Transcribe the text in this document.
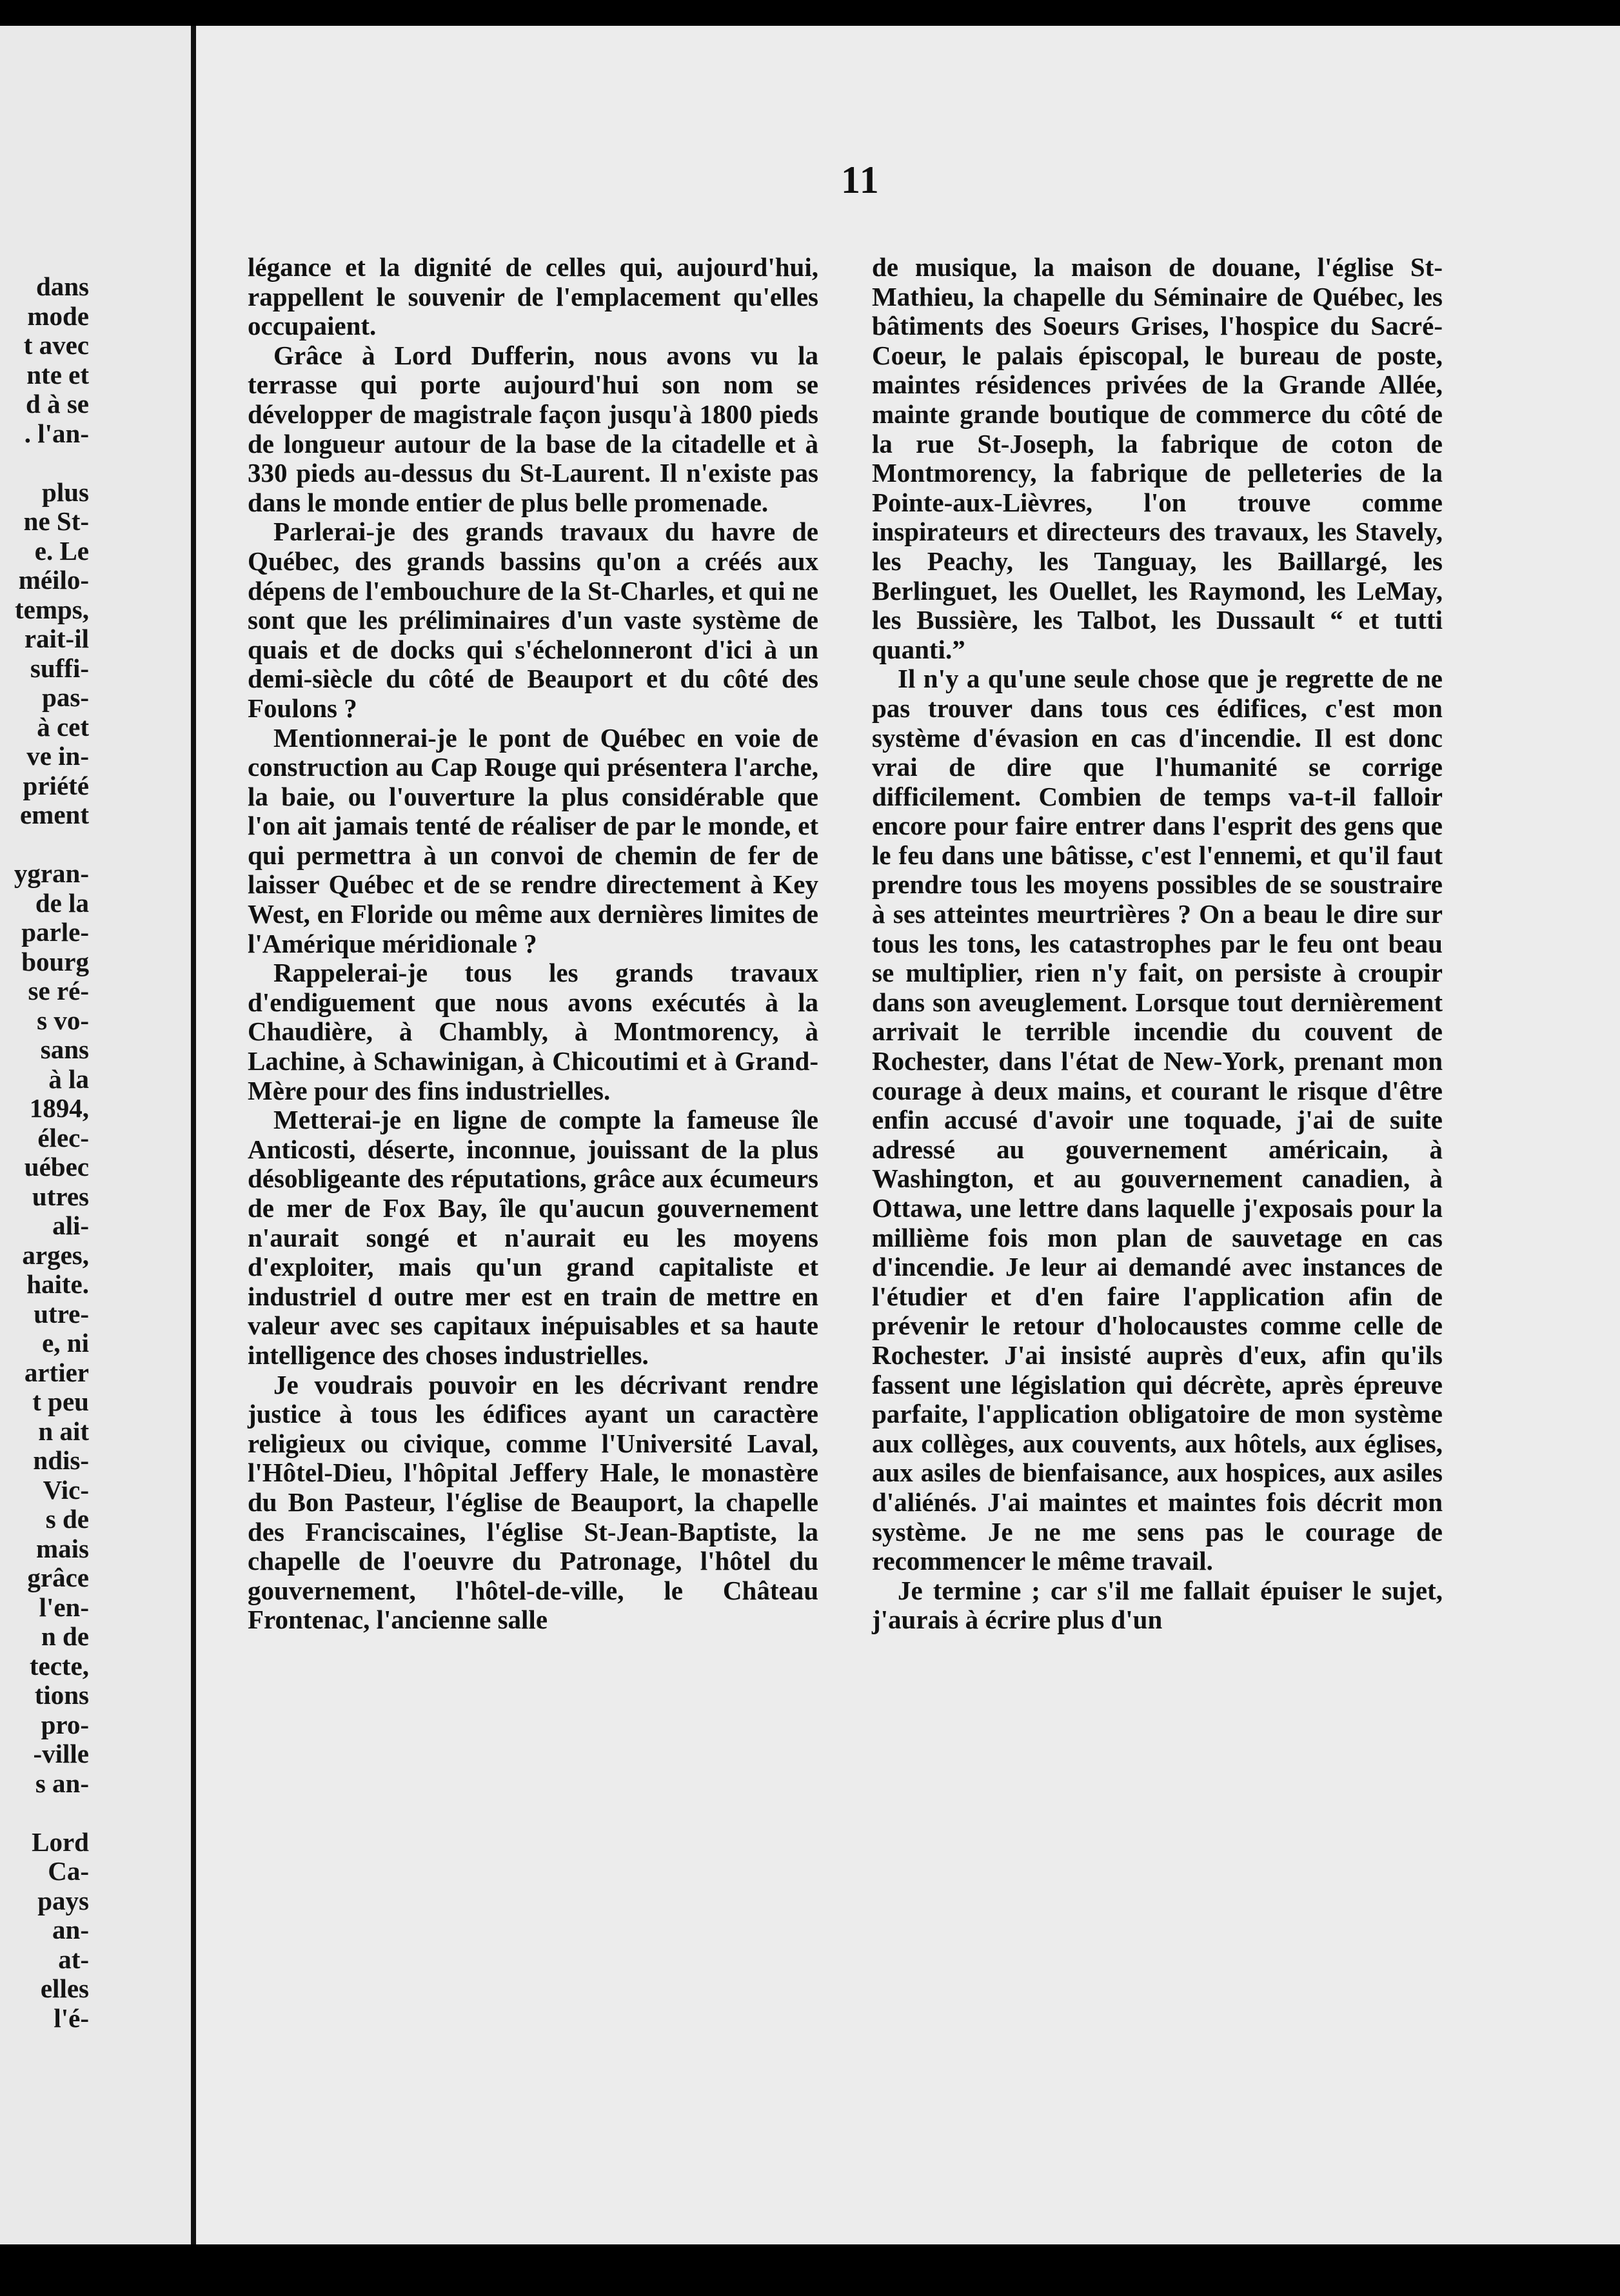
dans
mode
t avec
nte et
d à se
. l'an-

plus
ne St-
e. Le
méilo-
temps,
rait-il
suffi-
pas-
à cet
ve in-
priété
ement

ygran-
de la
parle-
bourg
se ré-
s vo-
sans
à la
1894,
élec-
uébec
utres
ali-
arges,
haite.
utre-
e, ni
artier
t peu
n ait
ndis-
Vic-
s de
mais
grâce
l'en-
n de
tecte,
tions
pro-
-ville
s an-

Lord
Ca-
pays
an-
at-
elles
l'é-
11

légance et la dignité de celles qui, aujourd'hui, rappellent le souvenir de l'emplacement qu'elles occupaient.

Grâce à Lord Dufferin, nous avons vu la terrasse qui porte aujourd'hui son nom se développer de magistrale façon jusqu'à 1800 pieds de longueur autour de la base de la citadelle et à 330 pieds au-dessus du St-Laurent. Il n'existe pas dans le monde entier de plus belle promenade.

Parlerai-je des grands travaux du havre de Québec, des grands bassins qu'on a créés aux dépens de l'embouchure de la St-Charles, et qui ne sont que les préliminaires d'un vaste système de quais et de docks qui s'échelonneront d'ici à un demi-siècle du côté de Beauport et du côté des Foulons ?

Mentionnerai-je le pont de Québec en voie de construction au Cap Rouge qui présentera l'arche, la baie, ou l'ouverture la plus considérable que l'on ait jamais tenté de réaliser de par le monde, et qui permettra à un convoi de chemin de fer de laisser Québec et de se rendre directement à Key West, en Floride ou même aux dernières limites de l'Amérique méridionale ?

Rappelerai-je tous les grands travaux d'endiguement que nous avons exécutés à la Chaudière, à Chambly, à Montmorency, à Lachine, à Schawinigan, à Chicoutimi et à Grand-Mère pour des fins industrielles.

Metterai-je en ligne de compte la fameuse île Anticosti, déserte, inconnue, jouissant de la plus désobligeante des réputations, grâce aux écumeurs de mer de Fox Bay, île qu'aucun gouvernement n'aurait songé et n'aurait eu les moyens d'exploiter, mais qu'un grand capitaliste et industriel d outre mer est en train de mettre en valeur avec ses capitaux inépuisables et sa haute intelligence des choses industrielles.

Je voudrais pouvoir en les décrivant rendre justice à tous les édifices ayant un caractère religieux ou civique, comme l'Université Laval, l'Hôtel-Dieu, l'hôpital Jeffery Hale, le monastère du Bon Pasteur, l'église de Beauport, la chapelle des Franciscaines, l'église St-Jean-Baptiste, la chapelle de l'oeuvre du Patronage, l'hôtel du gouvernement, l'hôtel-de-ville, le Château Frontenac, l'ancienne salle

de musique, la maison de douane, l'église St-Mathieu, la chapelle du Séminaire de Québec, les bâtiments des Soeurs Grises, l'hospice du Sacré-Coeur, le palais épiscopal, le bureau de poste, maintes résidences privées de la Grande Allée, mainte grande boutique de commerce du côté de la rue St-Joseph, la fabrique de coton de Montmorency, la fabrique de pelleteries de la Pointe-aux-Lièvres, l'on trouve comme inspirateurs et directeurs des travaux, les Stavely, les Peachy, les Tanguay, les Baillargé, les Berlinguet, les Ouellet, les Raymond, les LeMay, les Bussière, les Talbot, les Dussault “ et tutti quanti.”

Il n'y a qu'une seule chose que je regrette de ne pas trouver dans tous ces édifices, c'est mon système d'évasion en cas d'incendie. Il est donc vrai de dire que l'humanité se corrige difficilement. Combien de temps va-t-il falloir encore pour faire entrer dans l'esprit des gens que le feu dans une bâtisse, c'est l'ennemi, et qu'il faut prendre tous les moyens possibles de se soustraire à ses atteintes meurtrières ? On a beau le dire sur tous les tons, les catastrophes par le feu ont beau se multiplier, rien n'y fait, on persiste à croupir dans son aveuglement. Lorsque tout dernièrement arrivait le terrible incendie du couvent de Rochester, dans l'état de New-York, prenant mon courage à deux mains, et courant le risque d'être enfin accusé d'avoir une toquade, j'ai de suite adressé au gouvernement américain, à Washington, et au gouvernement canadien, à Ottawa, une lettre dans laquelle j'exposais pour la millième fois mon plan de sauvetage en cas d'incendie. Je leur ai demandé avec instances de l'étudier et d'en faire l'application afin de prévenir le retour d'holocaustes comme celle de Rochester. J'ai insisté auprès d'eux, afin qu'ils fassent une législation qui décrète, après épreuve parfaite, l'application obligatoire de mon système aux collèges, aux couvents, aux hôtels, aux églises, aux asiles de bienfaisance, aux hospices, aux asiles d'aliénés. J'ai maintes et maintes fois décrit mon système. Je ne me sens pas le courage de recommencer le même travail.

Je termine ; car s'il me fallait épuiser le sujet, j'aurais à écrire plus d'un
